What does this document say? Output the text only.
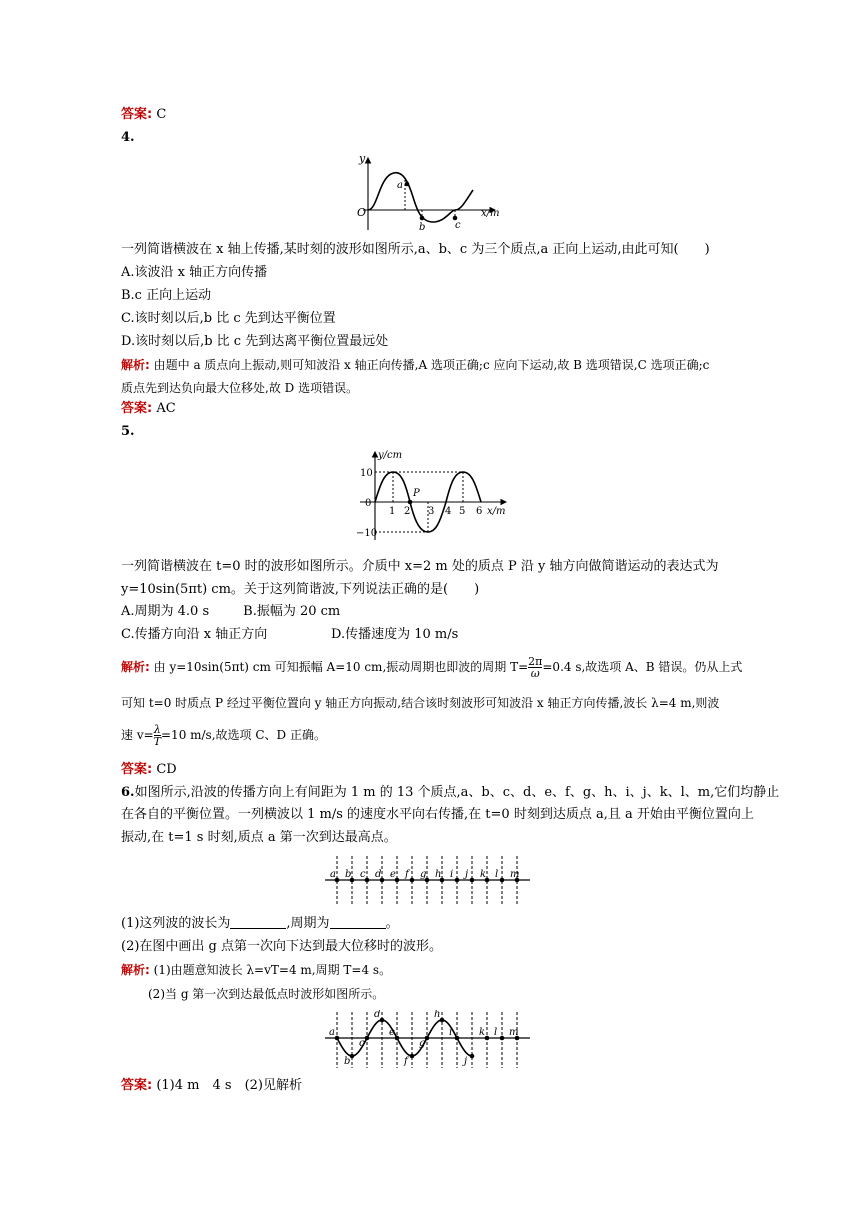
答案: C
4.
y
O
a
b	c
x/m
一列简谐横波在 x 轴上传播,某时刻的波形如图所示,a、b、c 为三个质点,a 正向上运动,由此可知(　　)
A.该波沿 x 轴正方向传播
B.c 正向上运动
C.该时刻以后,b 比 c 先到达平衡位置
D.该时刻以后,b 比 c 先到达离平衡位置最远处
解析: 由题中 a 质点向上振动,则可知波沿 x 轴正向传播,A 选项正确;c 应向下运动,故 B 选项错误,C 选项正确;c
质点先到达负向最大位移处,故 D 选项错误。
答案: AC
5.
y/cm
10
0
−10
P
1 2 3 4 5 6 x/m
一列简谐横波在 t=0 时的波形如图所示。介质中 x=2 m 处的质点 P 沿 y 轴方向做简谐运动的表达式为
y=10sin(5πt) cm。关于这列简谐波,下列说法正确的是(　　)
A.周期为 4.0 s	B.振幅为 20 cm
C.传播方向沿 x 轴正方向	D.传播速度为 10 m/s
解析: 由 y=10sin(5πt) cm 可知振幅 A=10 cm,振动周期也即波的周期 $T= \frac{2\pi}{\omega} =0.4$ s,故选项 A、B 错误。仍从上式
可知 t=0 时质点 P 经过平衡位置向 y 轴正方向振动,结合该时刻波形可知波沿 x 轴正方向传播,波长 λ=4 m,则波
速 $v= \frac{\lambda}{T} =10$ m/s,故选项 C、D 正确。
答案: CD
6.如图所示,沿波的传播方向上有间距为 1 m 的 13 个质点,a、b、c、d、e、f、g、h、i、j、k、l、m,它们均静止
在各自的平衡位置。一列横波以 1 m/s 的速度水平向右传播,在 t=0 时刻到达质点 a,且 a 开始由平衡位置向上
振动,在 t=1 s 时刻,质点 a 第一次到达最高点。
a b c d e f g h i j k l m
(1)这列波的波长为	,周期为	。
(2)在图中画出 g 点第一次向下达到最大位移时的波形。
解析: (1)由题意知波长 λ=vT=4 m,周期 T=4 s。
(2)当 g 第一次到达最低点时波形如图所示。
a
b
c
d
e
f
g
h
i
j
k l m
答案: (1)4 m　4 s　(2)见解析
